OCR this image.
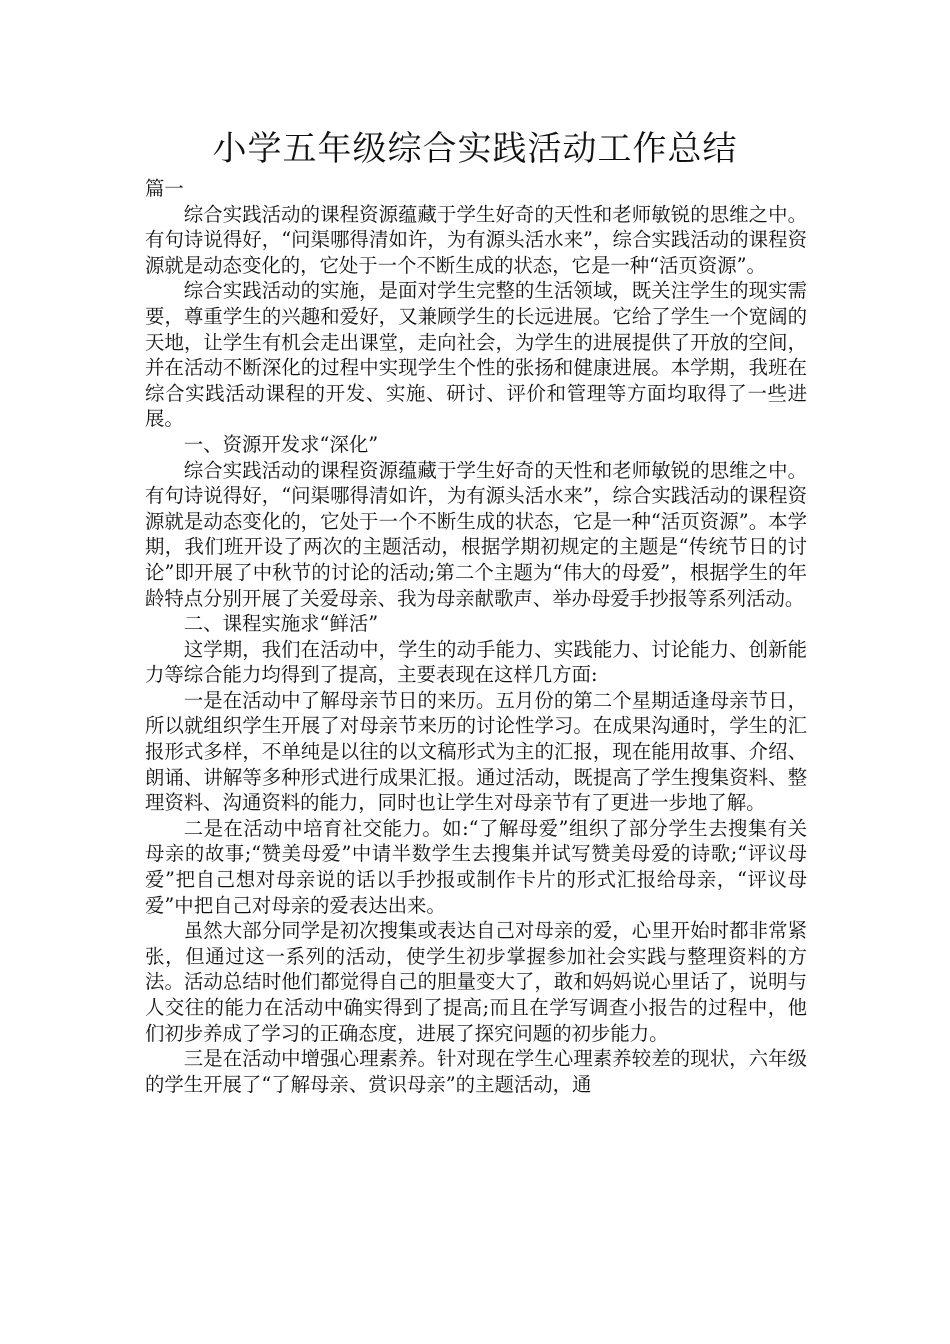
小学五年级综合实践活动工作总结

篇一

综合实践活动的课程资源蕴藏于学生好奇的天性和老师敏锐的思维之中。有句诗说得好，“问渠哪得清如许，为有源头活水来”，综合实践活动的课程资源就是动态变化的，它处于一个不断生成的状态，它是一种“活页资源”。

综合实践活动的实施，是面对学生完整的生活领域，既关注学生的现实需要，尊重学生的兴趣和爱好，又兼顾学生的长远进展。它给了学生一个宽阔的天地，让学生有机会走出课堂，走向社会，为学生的进展提供了开放的空间，并在活动不断深化的过程中实现学生个性的张扬和健康进展。本学期，我班在综合实践活动课程的开发、实施、研讨、评价和管理等方面均取得了一些进展。

一、资源开发求“深化”

综合实践活动的课程资源蕴藏于学生好奇的天性和老师敏锐的思维之中。有句诗说得好，“问渠哪得清如许，为有源头活水来”，综合实践活动的课程资源就是动态变化的，它处于一个不断生成的状态，它是一种“活页资源”。本学期，我们班开设了两次的主题活动，根据学期初规定的主题是“传统节日的讨论”即开展了中秋节的讨论的活动;第二个主题为“伟大的母爱”，根据学生的年龄特点分别开展了关爱母亲、我为母亲献歌声、举办母爱手抄报等系列活动。

二、课程实施求“鲜活”

这学期，我们在活动中，学生的动手能力、实践能力、讨论能力、创新能力等综合能力均得到了提高，主要表现在这样几方面:

一是在活动中了解母亲节日的来历。五月份的第二个星期适逢母亲节日，所以就组织学生开展了对母亲节来历的讨论性学习。在成果沟通时，学生的汇报形式多样，不单纯是以往的以文稿形式为主的汇报，现在能用故事、介绍、朗诵、讲解等多种形式进行成果汇报。通过活动，既提高了学生搜集资料、整理资料、沟通资料的能力，同时也让学生对母亲节有了更进一步地了解。

二是在活动中培育社交能力。如:“了解母爱”组织了部分学生去搜集有关母亲的故事;“赞美母爱”中请半数学生去搜集并试写赞美母爱的诗歌;“评议母爱”把自己想对母亲说的话以手抄报或制作卡片的形式汇报给母亲，“评议母爱”中把自己对母亲的爱表达出来。

虽然大部分同学是初次搜集或表达自己对母亲的爱，心里开始时都非常紧张，但通过这一系列的活动，使学生初步掌握参加社会实践与整理资料的方法。活动总结时他们都觉得自己的胆量变大了，敢和妈妈说心里话了，说明与人交往的能力在活动中确实得到了提高;而且在学写调查小报告的过程中，他们初步养成了学习的正确态度，进展了探究问题的初步能力。

三是在活动中增强心理素养。针对现在学生心理素养较差的现状，六年级的学生开展了“了解母亲、赏识母亲”的主题活动，通
